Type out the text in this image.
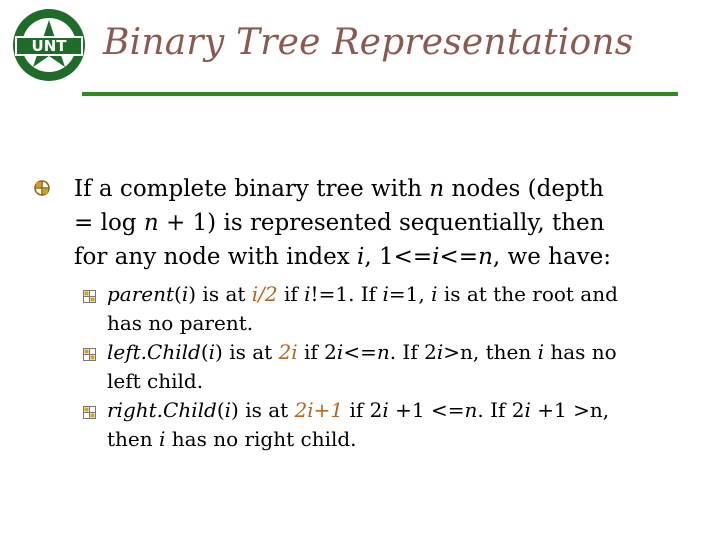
UNT Binary Tree Representations
If a complete binary tree with n nodes (depth = log n + 1) is represented sequentially, then for any node with index i, 1<=i<=n, we have:
parent(i) is at i/2 if i!=1. If i=1, i is at the root and has no parent.
left.Child(i) is at 2i if 2i<=n. If 2i>n, then i has no left child.
right.Child(i) is at 2i+1 if 2i +1 <=n. If 2i +1 >n, then i has no right child.
